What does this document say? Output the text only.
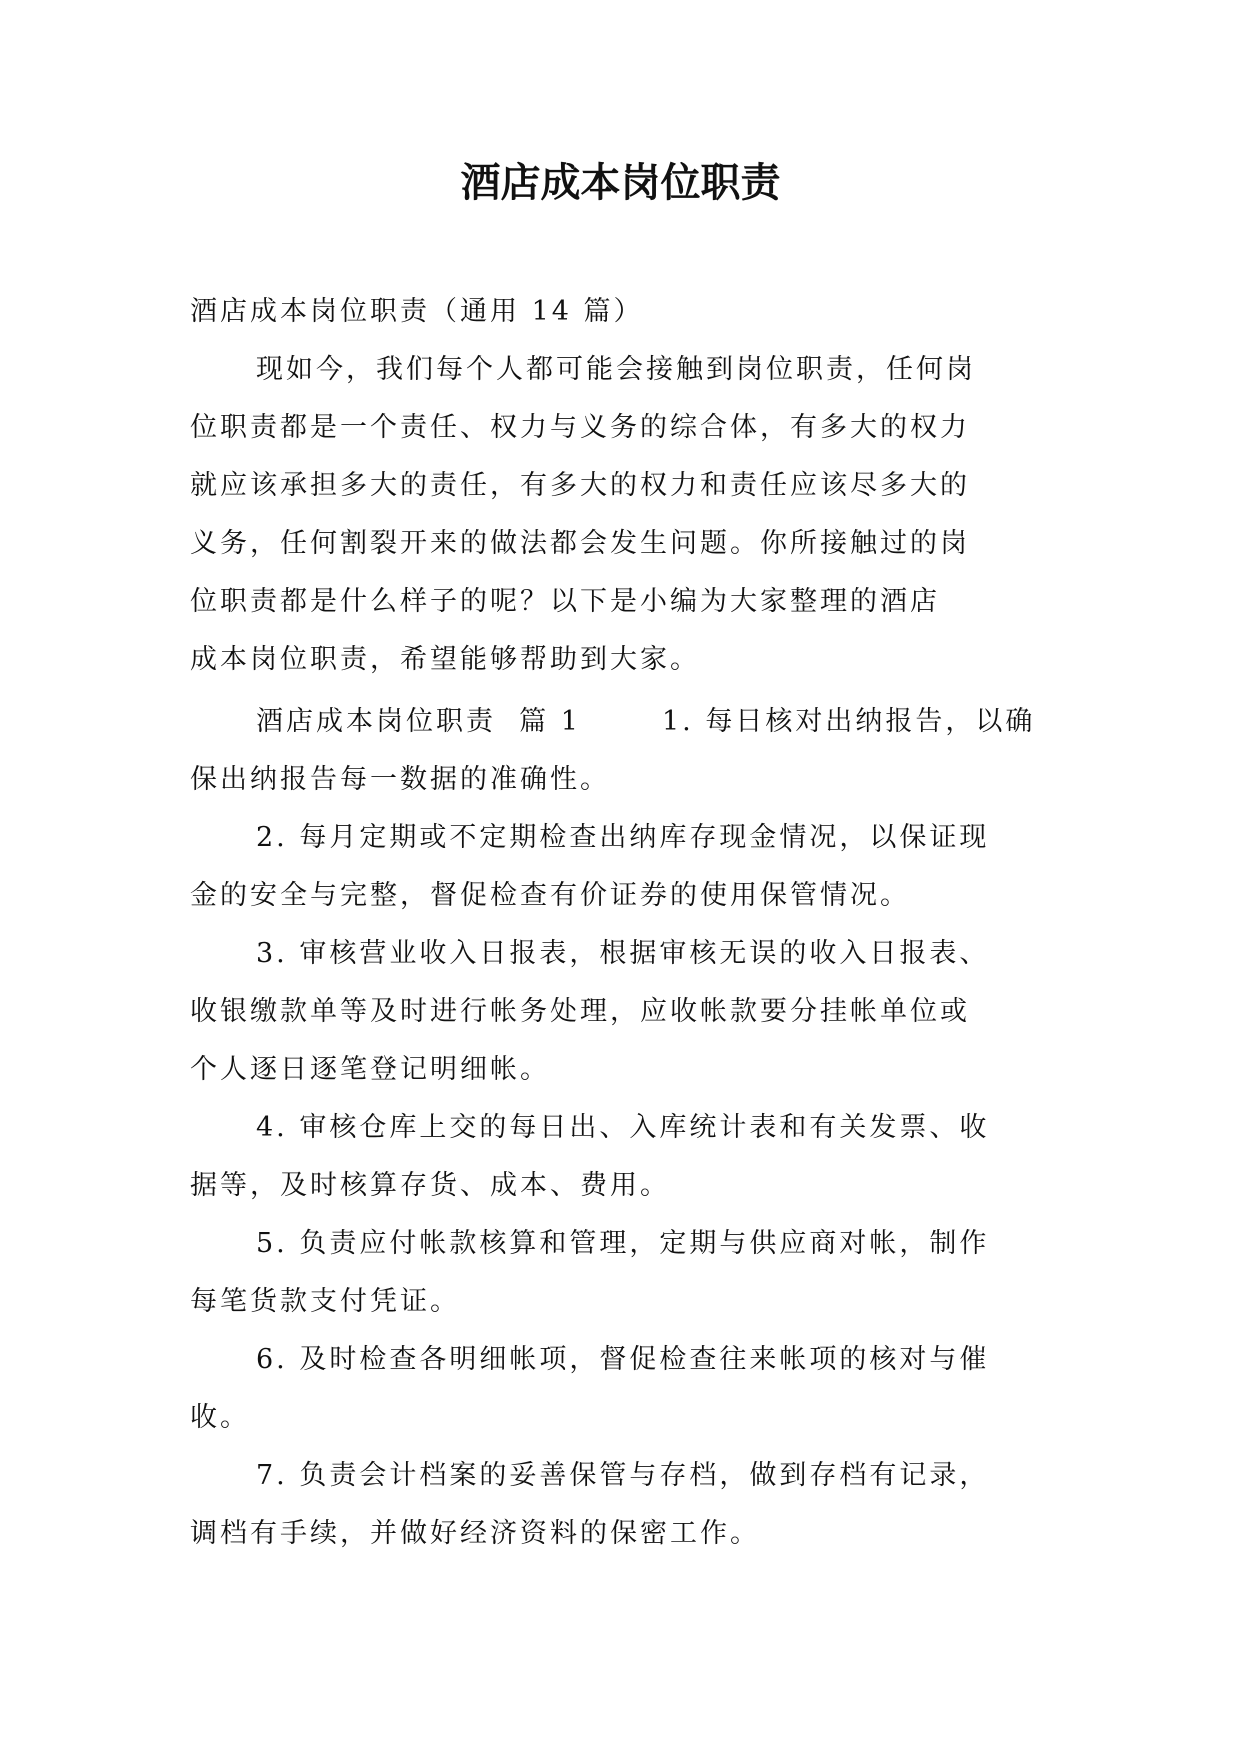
酒店成本岗位职责

酒店成本岗位职责（通用 14 篇）

现如今，我们每个人都可能会接触到岗位职责，任何岗

位职责都是一个责任、权力与义务的综合体，有多大的权力

就应该承担多大的责任，有多大的权力和责任应该尽多大的

义务，任何割裂开来的做法都会发生问题。你所接触过的岗

位职责都是什么样子的呢？以下是小编为大家整理的酒店

成本岗位职责，希望能够帮助到大家。

酒店成本岗位职责  篇 1       1. 每日核对出纳报告，以确

保出纳报告每一数据的准确性。

2. 每月定期或不定期检查出纳库存现金情况，以保证现

金的安全与完整，督促检查有价证券的使用保管情况。

3. 审核营业收入日报表，根据审核无误的收入日报表、

收银缴款单等及时进行帐务处理，应收帐款要分挂帐单位或

个人逐日逐笔登记明细帐。

4. 审核仓库上交的每日出、入库统计表和有关发票、收

据等，及时核算存货、成本、费用。

5. 负责应付帐款核算和管理，定期与供应商对帐，制作

每笔货款支付凭证。

6. 及时检查各明细帐项，督促检查往来帐项的核对与催

收。

7. 负责会计档案的妥善保管与存档，做到存档有记录，

调档有手续，并做好经济资料的保密工作。
